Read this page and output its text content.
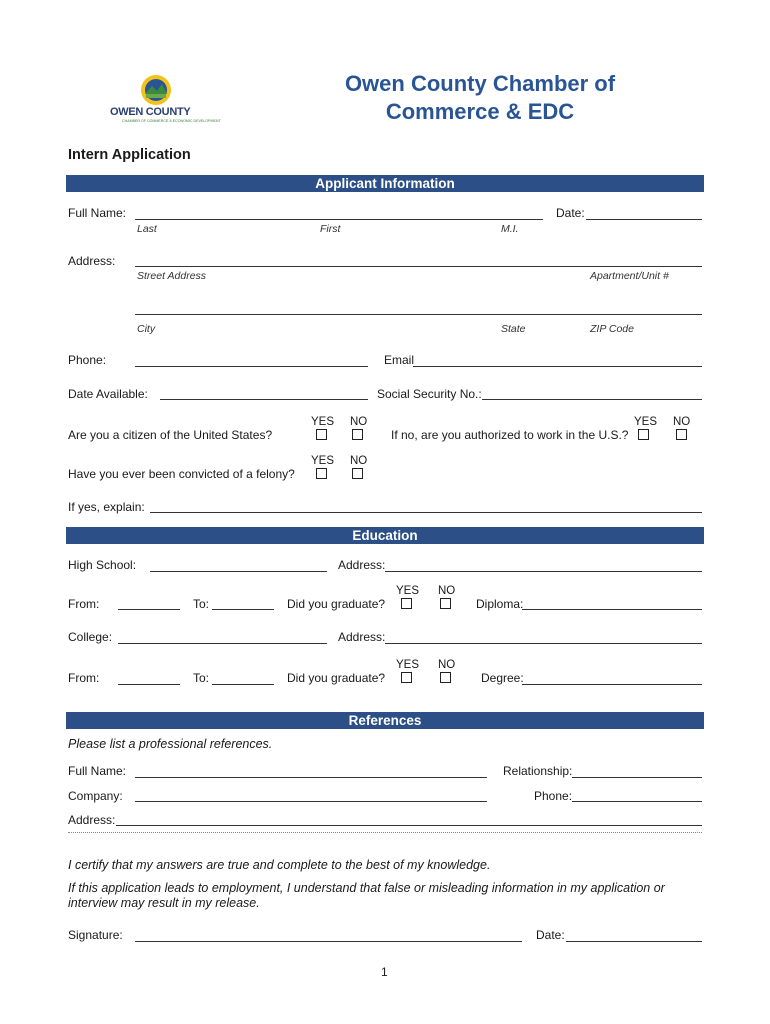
OWEN COUNTY
CHAMBER OF COMMERCE & ECONOMIC DEVELOPMENT
Owen County Chamber of
Commerce & EDC
Intern Application
Applicant Information
Full Name:	Date:
Last	First	M.I.
Address:
Street Address	Apartment/Unit #
City	State	ZIP Code
Phone:	Email
Date Available:	Social Security No.:
YES NO
Are you a citizen of the United States?
YES NO
If no, are you authorized to work in the U.S.?
YES NO
Have you ever been convicted of a felony?
If yes, explain:
Education
High School:	Address:
YES NO
From:	To:	Did you graduate?	Diploma:
College:	Address:
YES NO
From:	To:	Did you graduate?	Degree:
References
Please list a professional references.
Full Name:	Relationship:
Company:	Phone:
Address:
I certify that my answers are true and complete to the best of my knowledge.
If this application leads to employment, I understand that false or misleading information in my application or
interview may result in my release.
Signature:	Date:
1
